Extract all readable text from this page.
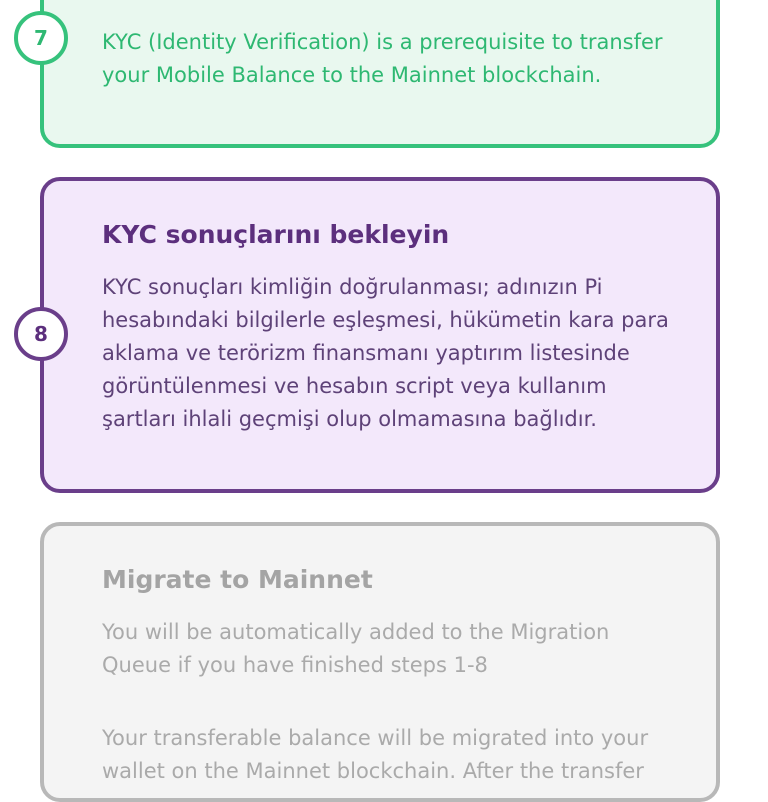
KYC (Identity Verification) is a prerequisite to transfer your Mobile Balance to the Mainnet blockchain.

7
KYC sonuçlarını bekleyin

KYC sonuçları kimliğin doğrulanması; adınızın Pi hesabındaki bilgilerle eşleşmesi, hükümetin kara para aklama ve terörizm finansmanı yaptırım listesinde görüntülenmesi ve hesabın script veya kullanım şartları ihlali geçmişi olup olmamasına bağlıdır.

8
Migrate to Mainnet

You will be automatically added to the Migration Queue if you have finished steps 1-8

Your transferable balance will be migrated into your wallet on the Mainnet blockchain. After the transfer
